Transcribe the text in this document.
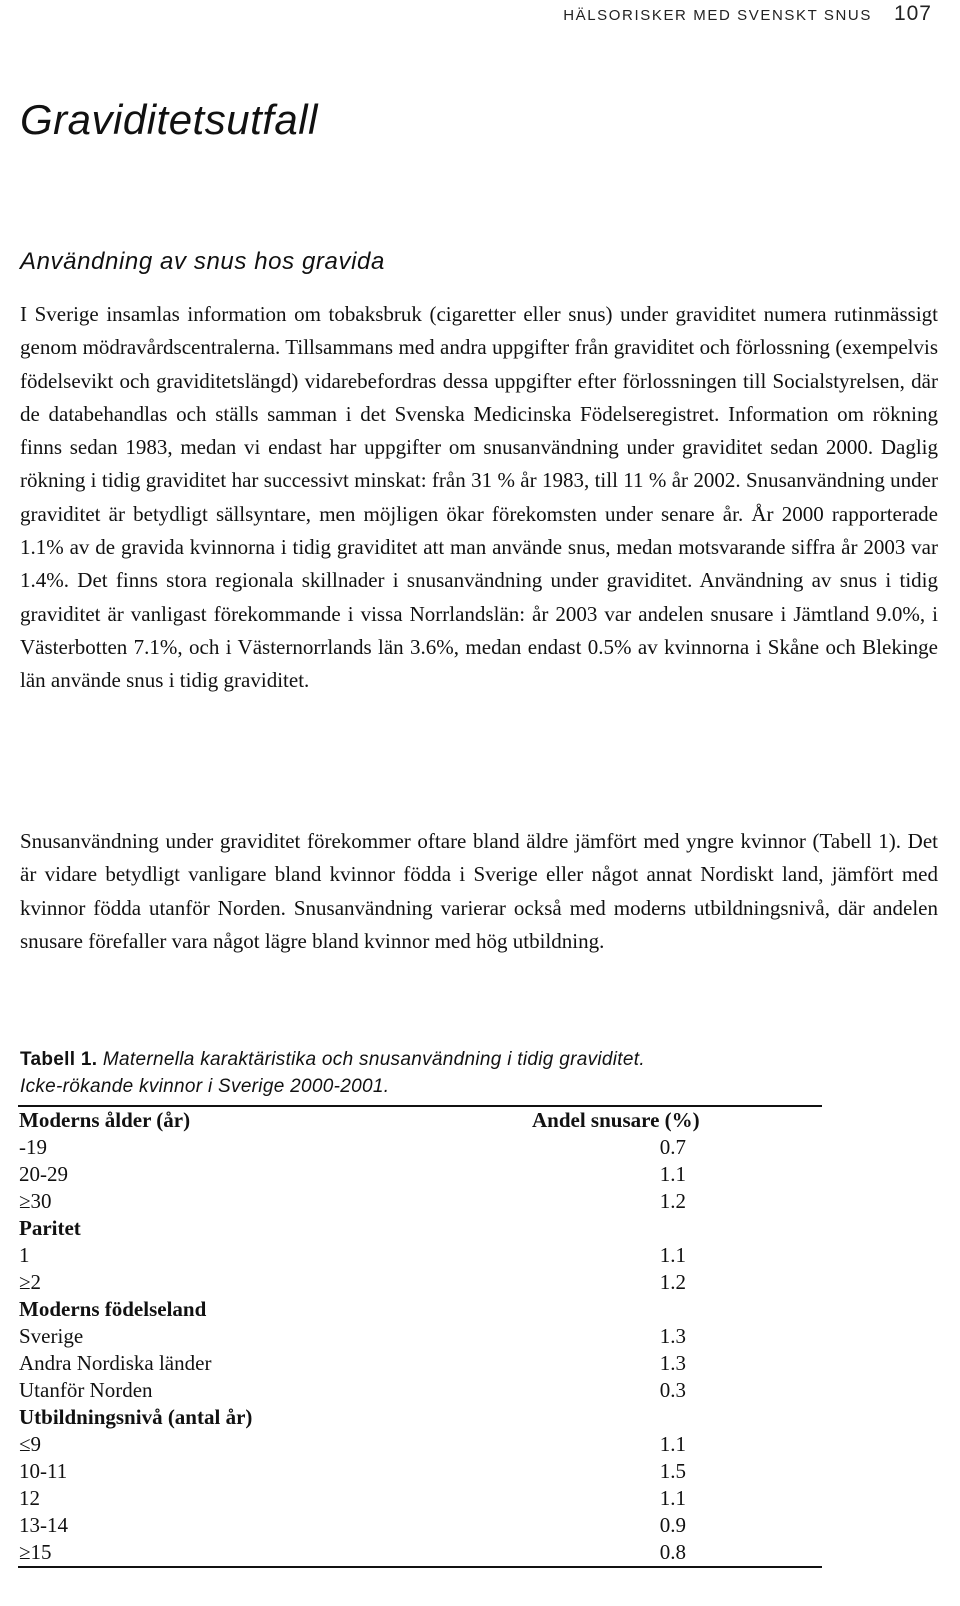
HÄLSORISKER MED SVENSKT SNUS 107
Graviditetsutfall
Användning av snus hos gravida

I Sverige insamlas information om tobaksbruk (cigaretter eller snus) under graviditet numera rutinmässigt genom mödravårdscentralerna. Tillsammans med andra uppgifter från graviditet och förlossning (exempelvis födelsevikt och graviditetslängd) vidarebefordras dessa uppgifter efter förlossningen till Socialstyrelsen, där de databehandlas och ställs samman i det Svenska Medicinska Födelseregistret. Information om rökning finns sedan 1983, medan vi endast har uppgifter om snusanvändning under graviditet sedan 2000. Daglig rökning i tidig graviditet har successivt minskat: från 31 % år 1983, till 11 % år 2002. Snusanvändning under graviditet är betydligt sällsyntare, men möjligen ökar förekomsten under senare år. År 2000 rapporterade 1.1% av de gravida kvinnorna i tidig graviditet att man använde snus, medan motsvarande siffra år 2003 var 1.4%. Det finns stora regionala skillnader i snusanvändning under graviditet. Användning av snus i tidig graviditet är vanligast förekommande i vissa Norrlandslän: år 2003 var andelen snusare i Jämtland 9.0%, i Västerbotten 7.1%, och i Västernorrlands län 3.6%, medan endast 0.5% av kvinnorna i Skåne och Blekinge län använde snus i tidig graviditet.

Snusanvändning under graviditet förekommer oftare bland äldre jämfört med yngre kvinnor (Tabell 1). Det är vidare betydligt vanligare bland kvinnor födda i Sverige eller något annat Nordiskt land, jämfört med kvinnor födda utanför Norden. Snusanvändning varierar också med moderns utbildningsnivå, där andelen snusare förefaller vara något lägre bland kvinnor med hög utbildning.

Tabell 1. Maternella karaktäristika och snusanvändning i tidig graviditet.
Icke-rökande kvinnor i Sverige 2000-2001.
Moderns ålder (år)	Andel snusare (%)
-19	0.7
20-29	1.1
≥30	1.2
Paritet
1	1.1
≥2	1.2
Moderns födelseland
Sverige	1.3
Andra Nordiska länder	1.3
Utanför Norden	0.3
Utbildningsnivå (antal år)
≤9	1.1
10-11	1.5
12	1.1
13-14	0.9
≥15	0.8
